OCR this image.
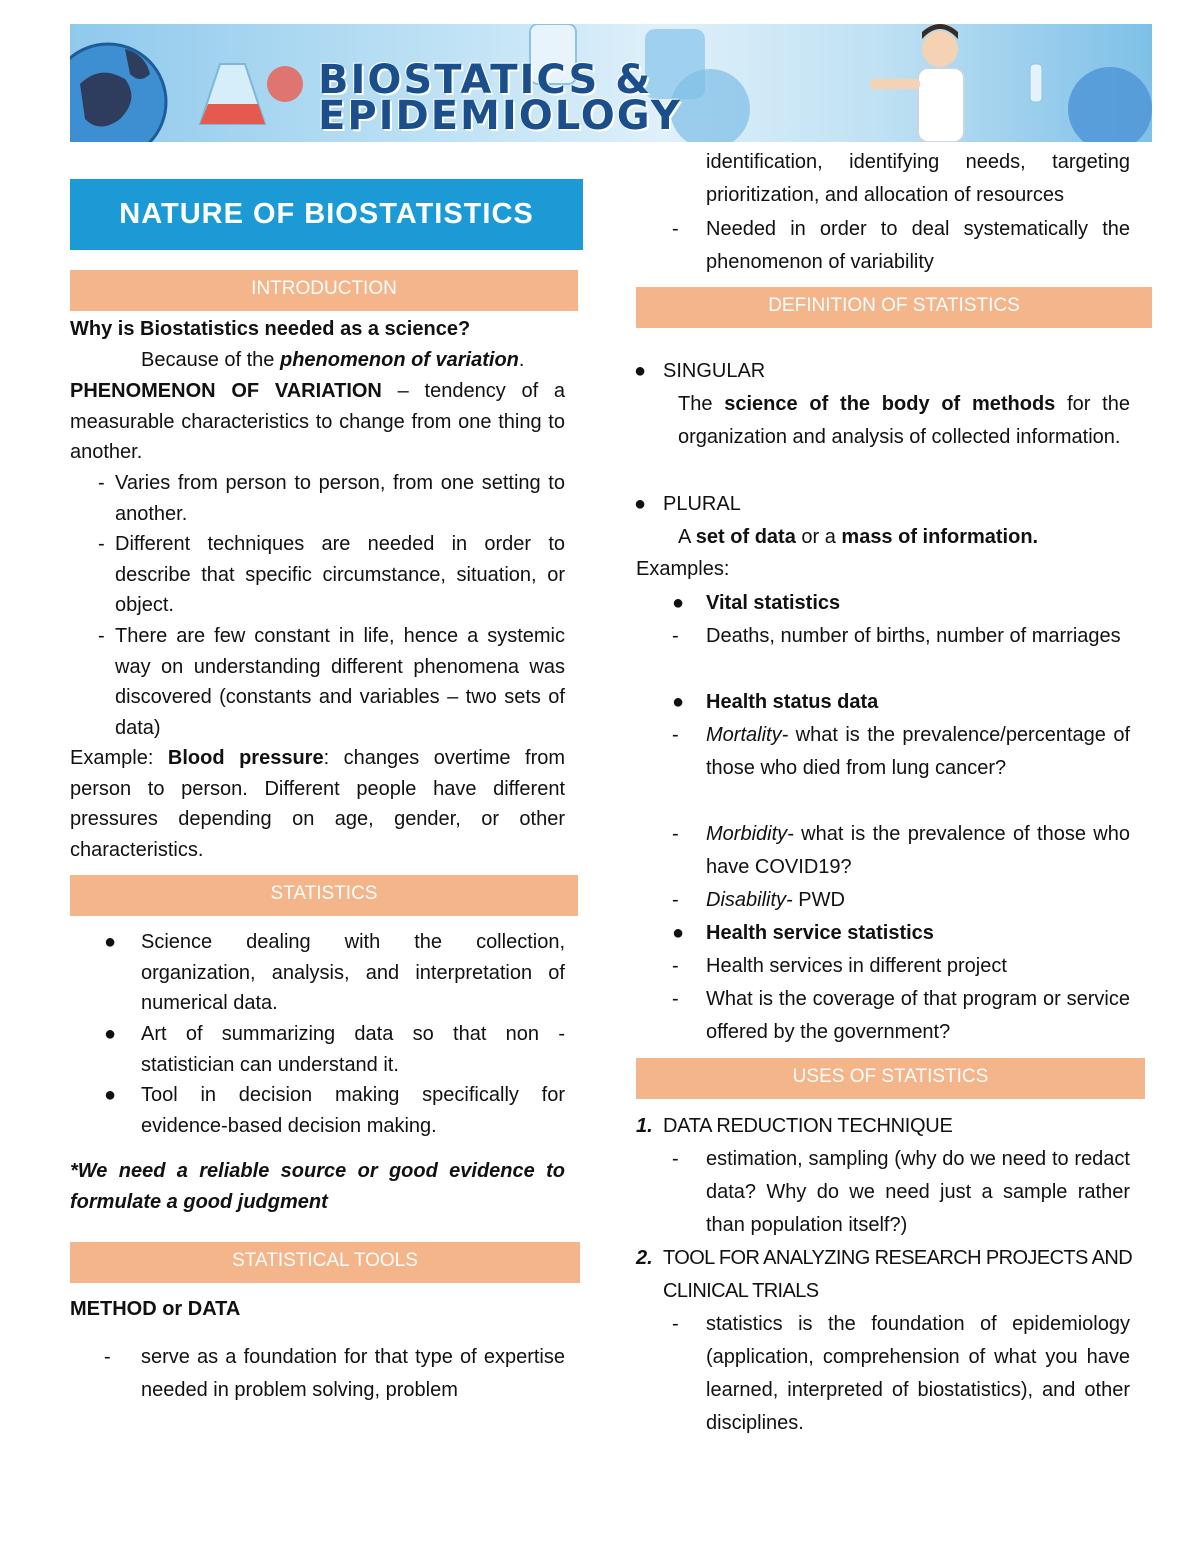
BIOSTATICS &
EPIDEMIOLOGY
NATURE OF BIOSTATISTICS
INTRODUCTION
Why is Biostatistics needed as a science?
Because of the phenomenon of variation.
PHENOMENON OF VARIATION – tendency of a measurable characteristics to change from one thing to another.
- Varies from person to person, from one setting to another.
- Different techniques are needed in order to describe that specific circumstance, situation, or object.
- There are few constant in life, hence a systemic way on understanding different phenomena was discovered (constants and variables – two sets of data)
Example: Blood pressure: changes overtime from person to person. Different people have different pressures depending on age, gender, or other characteristics.
STATISTICS
● Science dealing with the collection, organization, analysis, and interpretation of numerical data.
● Art of summarizing data so that non - statistician can understand it.
● Tool in decision making specifically for evidence-based decision making.
*We need a reliable source or good evidence to formulate a good judgment
STATISTICAL TOOLS
METHOD or DATA
- serve as a foundation for that type of expertise needed in problem solving, problem
identification, identifying needs, targeting prioritization, and allocation of resources
- Needed in order to deal systematically the phenomenon of variability
DEFINITION OF STATISTICS
● SINGULAR
The science of the body of methods for the organization and analysis of collected information.
● PLURAL
A set of data or a mass of information.
Examples:
● Vital statistics
- Deaths, number of births, number of marriages
● Health status data
- Mortality- what is the prevalence/percentage of those who died from lung cancer?
- Morbidity- what is the prevalence of those who have COVID19?
- Disability- PWD
● Health service statistics
- Health services in different project
- What is the coverage of that program or service offered by the government?
USES OF STATISTICS
1. DATA REDUCTION TECHNIQUE
- estimation, sampling (why do we need to redact data? Why do we need just a sample rather than population itself?)
2. TOOL FOR ANALYZING RESEARCH PROJECTS AND CLINICAL TRIALS
- statistics is the foundation of epidemiology (application, comprehension of what you have learned, interpreted of biostatistics), and other disciplines.
